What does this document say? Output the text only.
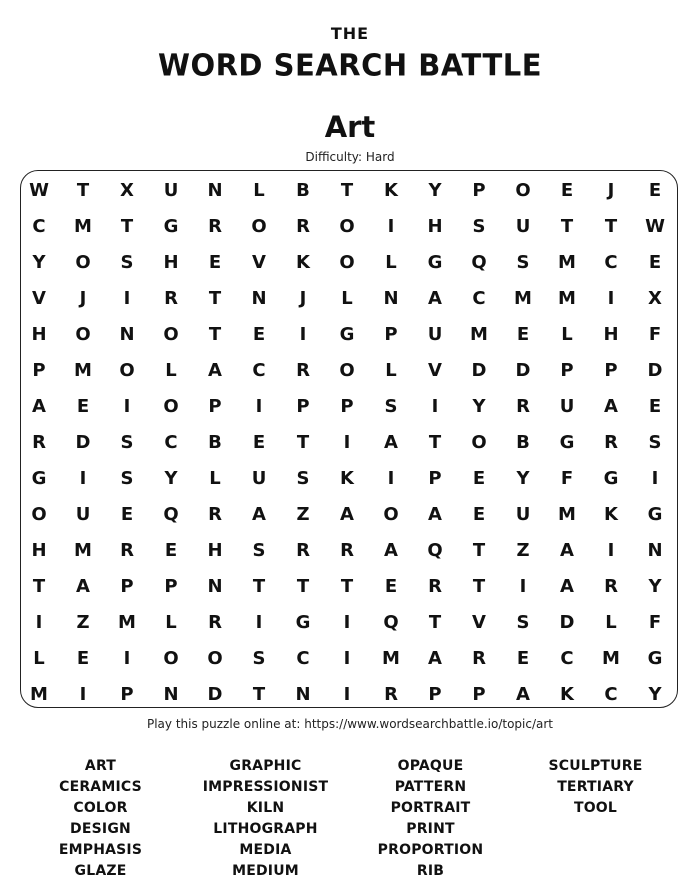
THE
WORD SEARCH BATTLE
Art
Difficulty: Hard
W	T	X	U	N	L	B	T	K	Y	P	O	E	J	E
C	M	T	G	R	O	R	O	I	H	S	U	T	T	W
Y	O	S	H	E	V	K	O	L	G	Q	S	M	C	E
V	J	I	R	T	N	J	L	N	A	C	M	M	I	X
H	O	N	O	T	E	I	G	P	U	M	E	L	H	F
P	M	O	L	A	C	R	O	L	V	D	D	P	P	D
A	E	I	O	P	I	P	P	S	I	Y	R	U	A	E
R	D	S	C	B	E	T	I	A	T	O	B	G	R	S
G	I	S	Y	L	U	S	K	I	P	E	Y	F	G	I
O	U	E	Q	R	A	Z	A	O	A	E	U	M	K	G
H	M	R	E	H	S	R	R	A	Q	T	Z	A	I	N
T	A	P	P	N	T	T	T	E	R	T	I	A	R	Y
I	Z	M	L	R	I	G	I	Q	T	V	S	D	L	F
L	E	I	O	O	S	C	I	M	A	R	E	C	M	G
M	I	P	N	D	T	N	I	R	P	P	A	K	C	Y
Play this puzzle online at: https://www.wordsearchbattle.io/topic/art
ART
CERAMICS
COLOR
DESIGN
EMPHASIS
GLAZE
GRAPHIC
IMPRESSIONIST
KILN
LITHOGRAPH
MEDIA
MEDIUM
OPAQUE
PATTERN
PORTRAIT
PRINT
PROPORTION
RIB
SCULPTURE
TERTIARY
TOOL
